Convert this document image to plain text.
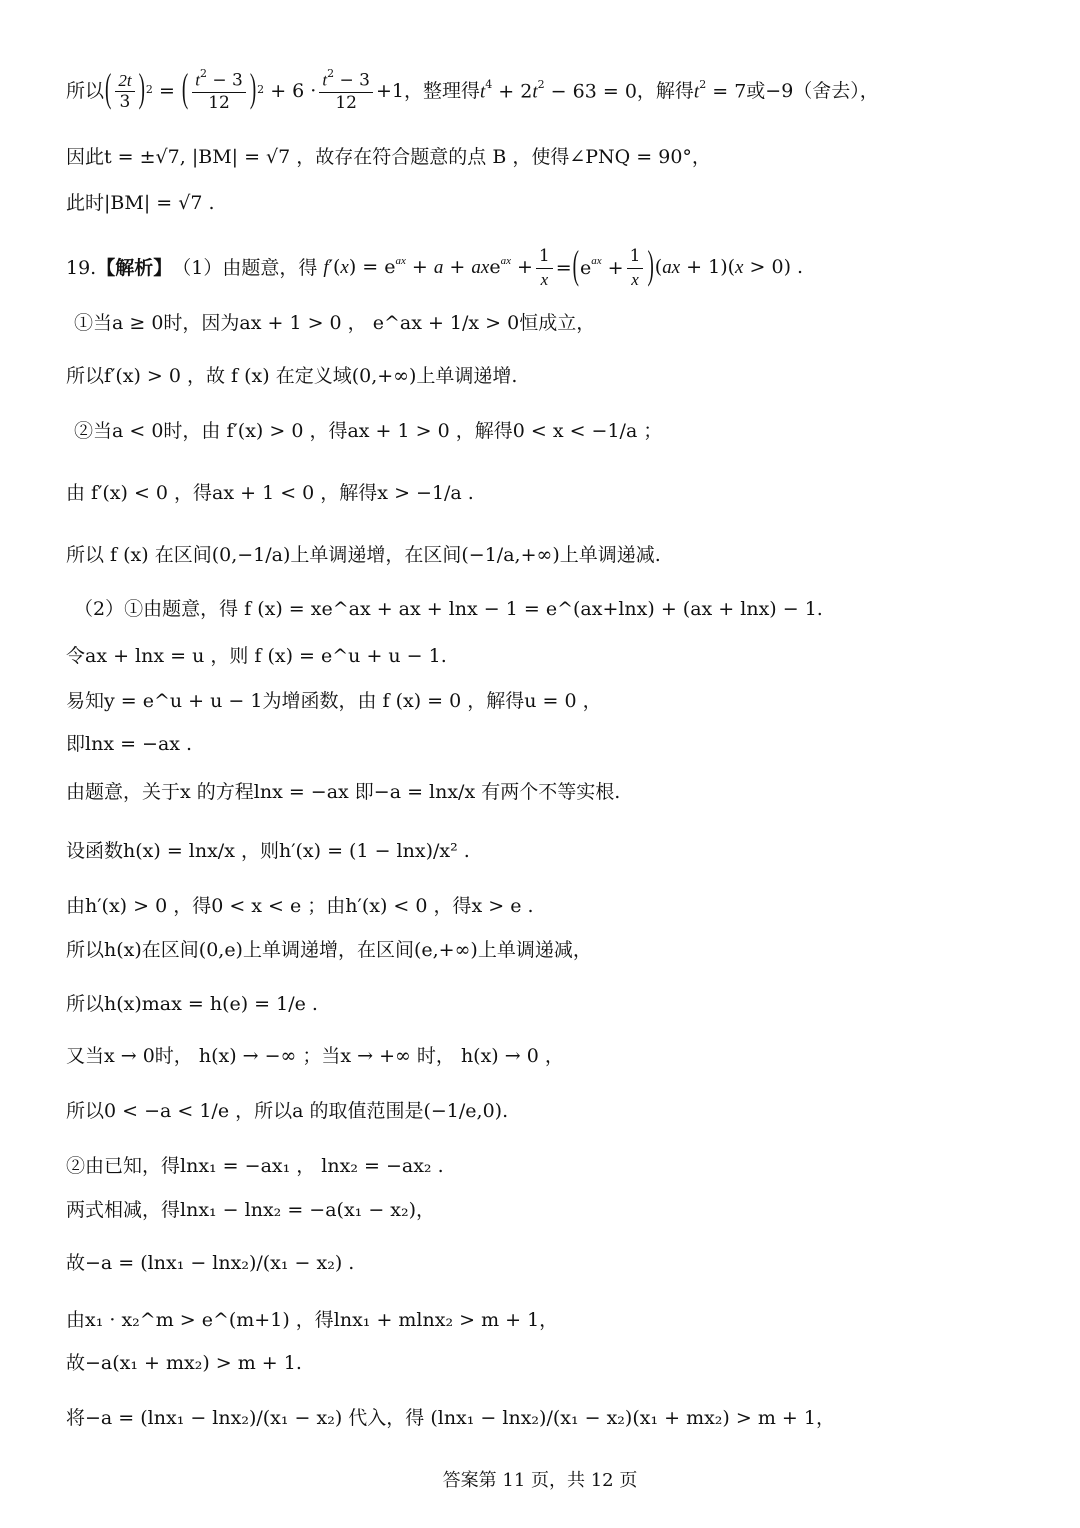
所以 ( $\frac{2t}{3} )^2$ = ( $\frac{t^2 - 3}{12} )^2 + 6 \cdot \frac{t^2 - 3}{12} +1$ ，整理得 $t^4 + 2t^2 - 63 = 0$ ，解得 $t^2 = 7$ 或−9（舍去），
因此t = ±√7, |BM| = √7 ，故存在符合题意的点 B ，使得∠PNQ = 90°，
此时|BM| = √7 .
19. 【解析】 （1）由题意，得 $f'(x) = e^{ax} + a + axe^{ax} + \frac{1}{x}$ = ( $e^{ax} + \frac{1}{x}$ ) (ax + 1)(x > 0) .
①当a ≥ 0时，因为ax + 1 > 0 ， e^ax + 1/x > 0恒成立，
所以f′(x) > 0 ，故 f (x) 在定义域(0,+∞)上单调递增.
②当a < 0时，由 f′(x) > 0 ，得ax + 1 > 0 ，解得0 < x < −1/a ；
由 f′(x) < 0 ，得ax + 1 < 0 ，解得x > −1/a .
所以 f (x) 在区间(0,−1/a)上单调递增，在区间(−1/a,+∞)上单调递减.
（2）①由题意，得 f (x) = xe^ax + ax + lnx − 1 = e^(ax+lnx) + (ax + lnx) − 1.
令ax + lnx = u ，则 f (x) = e^u + u − 1.
易知y = e^u + u − 1为增函数，由 f (x) = 0 ，解得u = 0 ，
即lnx = −ax .
由题意，关于x 的方程lnx = −ax 即−a = lnx/x 有两个不等实根.
设函数h(x) = lnx/x ，则h′(x) = (1 − lnx)/x² .
由h′(x) > 0 ，得0 < x < e ；由h′(x) < 0 ，得x > e .
所以h(x)在区间(0,e)上单调递增，在区间(e,+∞)上单调递减，
所以h(x)max = h(e) = 1/e .
又当x → 0时， h(x) → −∞ ；当x → +∞ 时， h(x) → 0 ，
所以0 < −a < 1/e ，所以a 的取值范围是(−1/e,0).
②由已知，得lnx₁ = −ax₁ ， lnx₂ = −ax₂ .
两式相减，得lnx₁ − lnx₂ = −a(x₁ − x₂)，
故−a = (lnx₁ − lnx₂)/(x₁ − x₂) .
由x₁ · x₂^m > e^(m+1) ，得lnx₁ + mlnx₂ > m + 1，
故−a(x₁ + mx₂) > m + 1.
将−a = (lnx₁ − lnx₂)/(x₁ − x₂) 代入，得 (lnx₁ − lnx₂)/(x₁ − x₂)(x₁ + mx₂) > m + 1，
答案第 11 页，共 12 页
